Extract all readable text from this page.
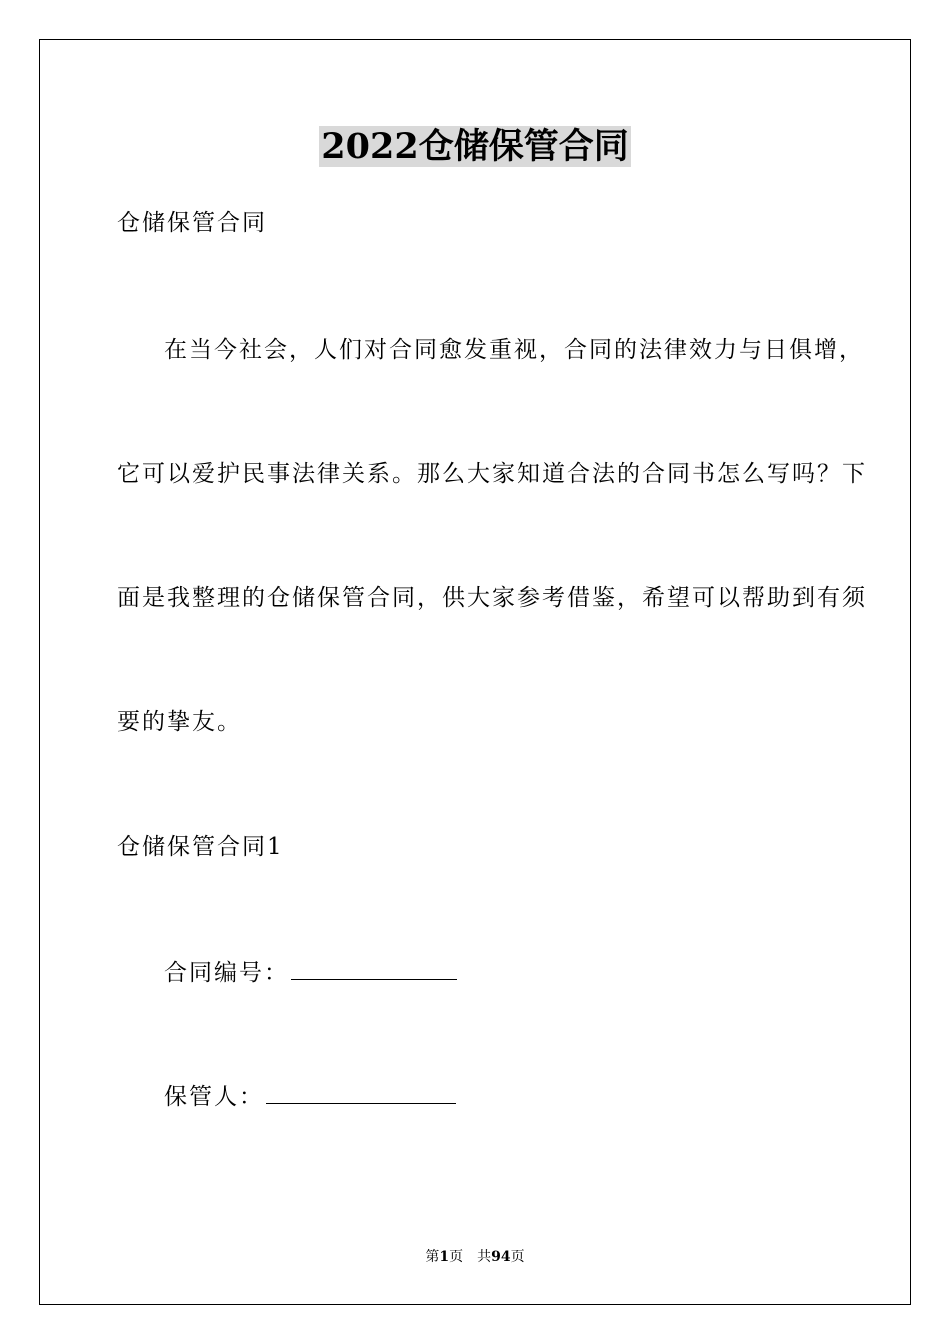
2022仓储保管合同
仓储保管合同
在当今社会，人们对合同愈发重视，合同的法律效力与日俱增，
它可以爱护民事法律关系。那么大家知道合法的合同书怎么写吗？下
面是我整理的仓储保管合同，供大家参考借鉴，希望可以帮助到有须
要的挚友。
仓储保管合同1
合同编号：
保管人：
第1页　共94页
